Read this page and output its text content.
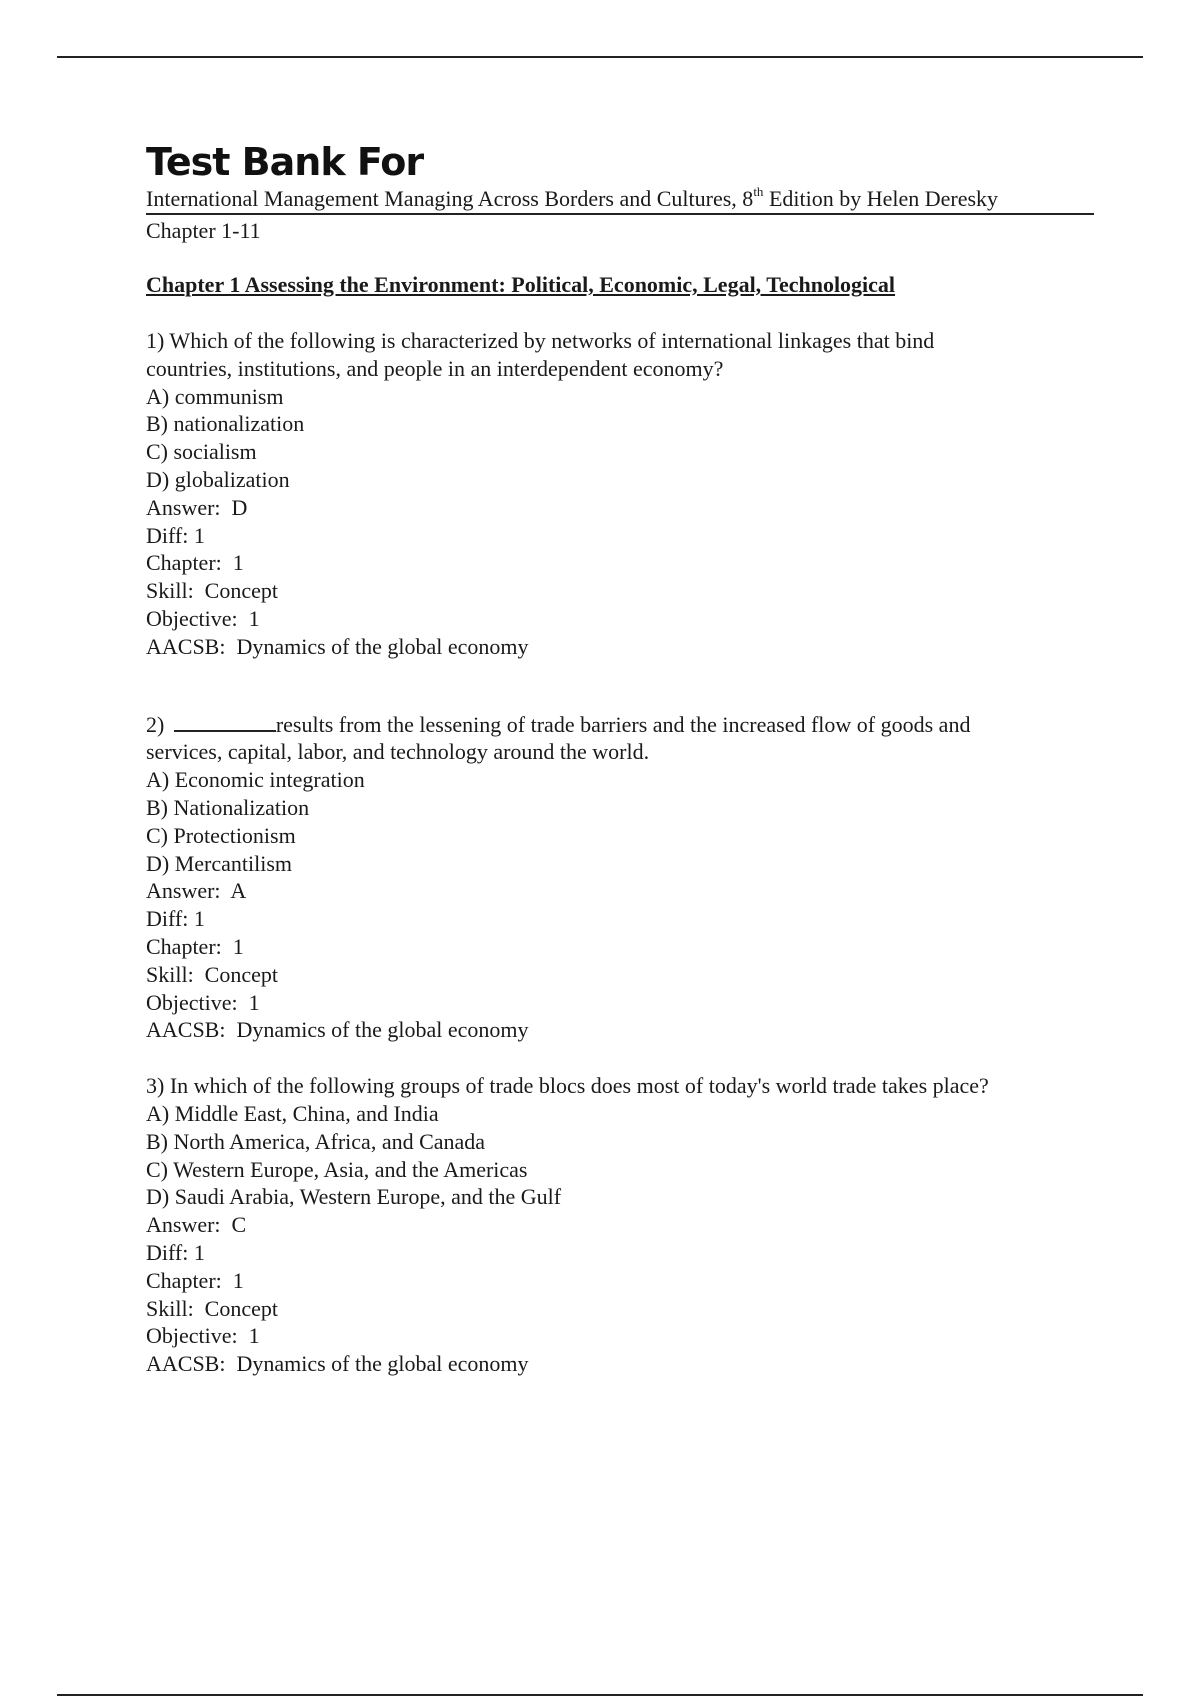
Test Bank For
International Management Managing Across Borders and Cultures, 8th Edition by Helen Deresky
Chapter 1-11
Chapter 1 Assessing the Environment: Political, Economic, Legal, Technological
1) Which of the following is characterized by networks of international linkages that bind
countries, institutions, and people in an interdependent economy?
A) communism
B) nationalization
C) socialism
D) globalization
Answer:  D
Diff: 1
Chapter:  1
Skill:  Concept
Objective:  1
AACSB:  Dynamics of the global economy
2)	results from the lessening of trade barriers and the increased flow of goods and
services, capital, labor, and technology around the world.
A) Economic integration
B) Nationalization
C) Protectionism
D) Mercantilism
Answer:  A
Diff: 1
Chapter:  1
Skill:  Concept
Objective:  1
AACSB:  Dynamics of the global economy
3) In which of the following groups of trade blocs does most of today's world trade takes place?
A) Middle East, China, and India
B) North America, Africa, and Canada
C) Western Europe, Asia, and the Americas
D) Saudi Arabia, Western Europe, and the Gulf
Answer:  C
Diff: 1
Chapter:  1
Skill:  Concept
Objective:  1
AACSB:  Dynamics of the global economy
